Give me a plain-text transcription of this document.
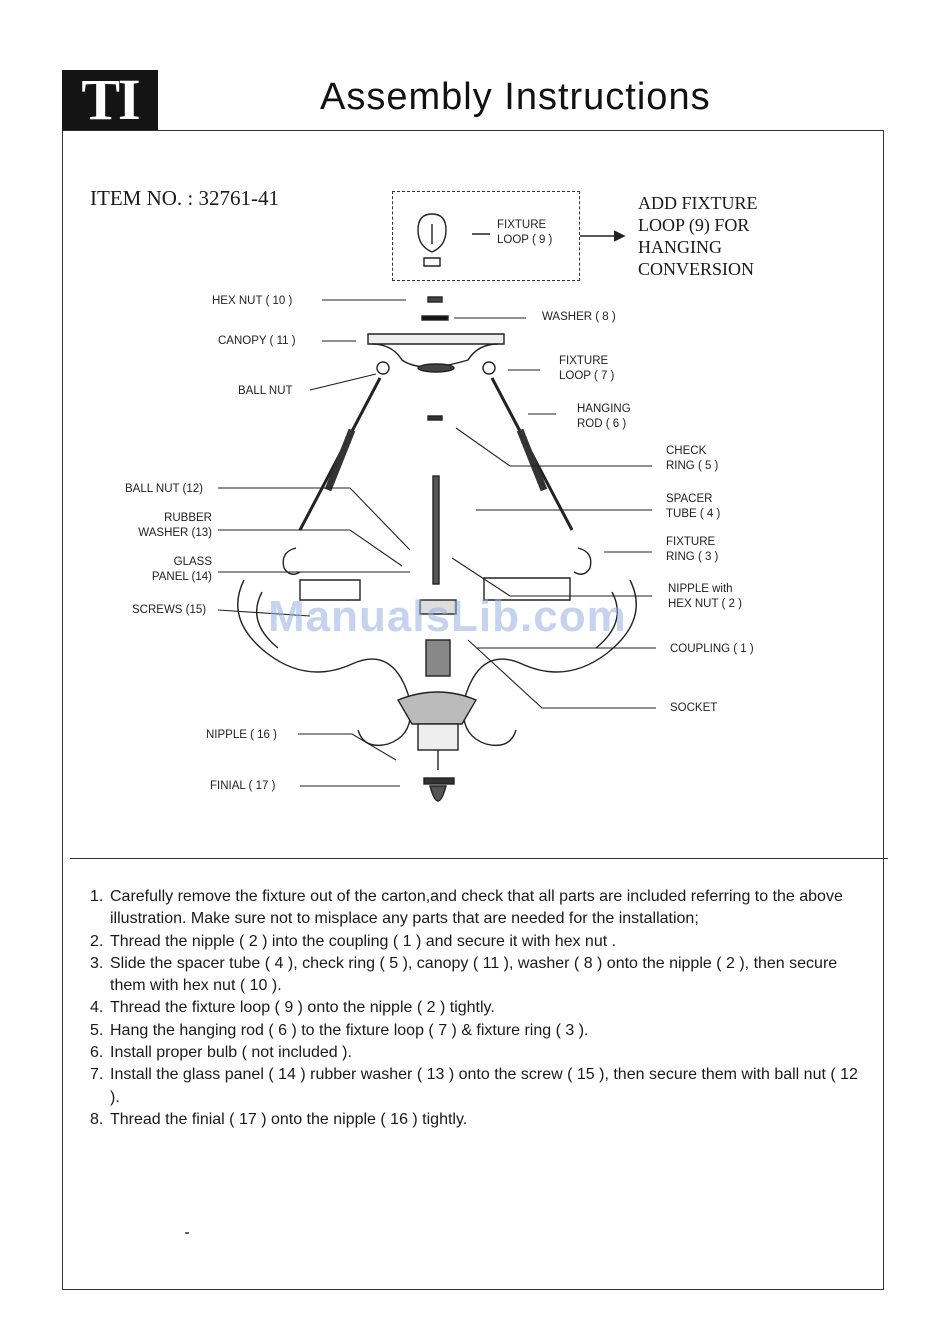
TI	Assembly Instructions
ITEM NO. : 32761-41
FIXTURE
LOOP ( 9 )
ADD FIXTURE
LOOP (9) FOR
HANGING
CONVERSION
HEX NUT ( 10 )
CANOPY ( 11 )
BALL NUT
BALL NUT (12)
RUBBER
WASHER (13)
GLASS
PANEL (14)
SCREWS (15)
NIPPLE ( 16 )
FINIAL ( 17 )
WASHER ( 8 )
FIXTURE
LOOP ( 7 )
HANGING
ROD ( 6 )
CHECK
RING ( 5 )
SPACER
TUBE ( 4 )
FIXTURE
RING ( 3 )
NIPPLE with
HEX NUT ( 2 )
COUPLING ( 1 )
SOCKET
ManualsLib.com
1. Carefully remove the fixture out of the carton,and check that all parts are included referring to the above illustration. Make sure not to misplace any parts that are needed for the installation;
2. Thread the nipple ( 2 ) into the coupling ( 1 ) and secure it with hex nut .
3. Slide the spacer tube ( 4 ), check ring ( 5 ), canopy ( 11 ), washer ( 8 ) onto the nipple ( 2 ), then secure them with hex nut ( 10 ).
4. Thread the fixture loop ( 9 ) onto the nipple ( 2 ) tightly.
5. Hang the hanging rod ( 6 ) to the fixture loop ( 7 ) & fixture ring ( 3 ).
6. Install proper bulb ( not included ).
7. Install the glass panel ( 14 ) rubber washer ( 13 ) onto the screw ( 15 ), then secure them with ball nut ( 12 ).
8. Thread the finial ( 17 ) onto the nipple ( 16 ) tightly.
